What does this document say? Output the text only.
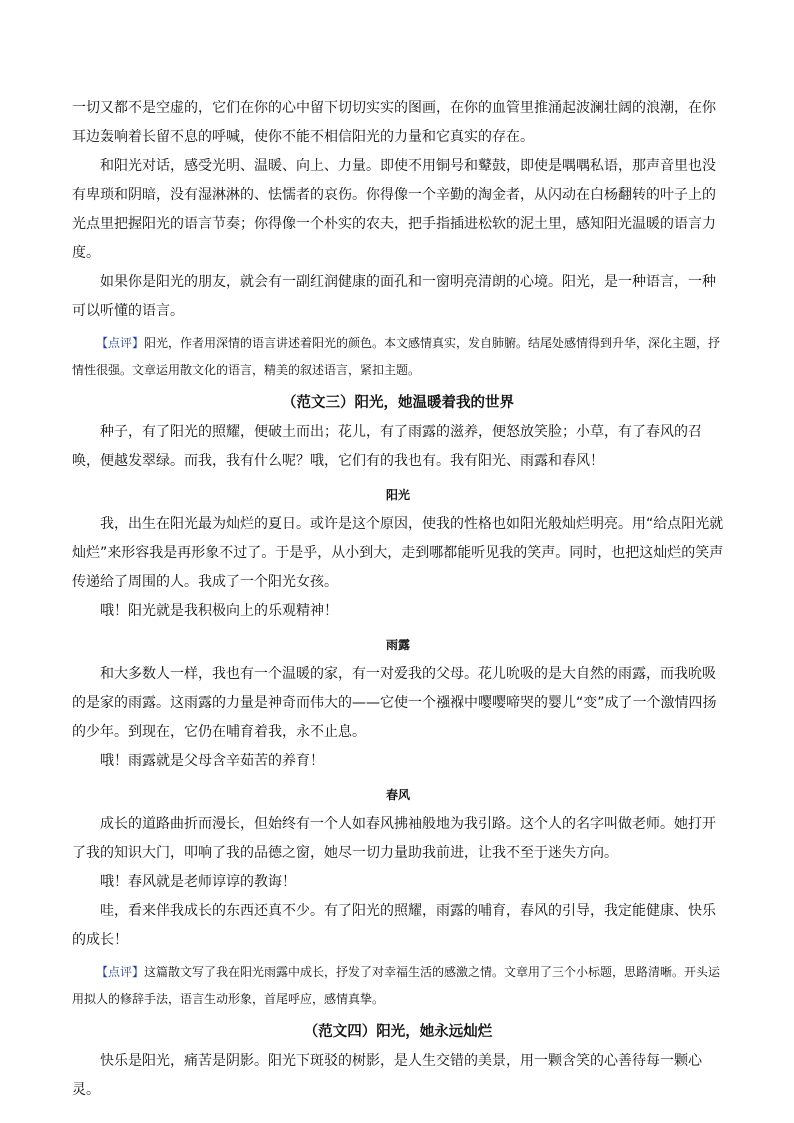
一切又都不是空虚的，它们在你的心中留下切切实实的图画，在你的血管里推涌起波澜壮阔的浪潮，在你耳边轰响着长留不息的呼喊，使你不能不相信阳光的力量和它真实的存在。

和阳光对话，感受光明、温暖、向上、力量。即使不用铜号和鼙鼓，即使是喁喁私语，那声音里也没有卑琐和阴暗，没有湿淋淋的、怯懦者的哀伤。你得像一个辛勤的淘金者，从闪动在白杨翻转的叶子上的光点里把握阳光的语言节奏；你得像一个朴实的农夫，把手指插进松软的泥土里，感知阳光温暖的语言力度。

如果你是阳光的朋友，就会有一副红润健康的面孔和一窗明亮清朗的心境。阳光，是一种语言，一种可以听懂的语言。

【点评】阳光，作者用深情的语言讲述着阳光的颜色。本文感情真实，发自肺腑。结尾处感情得到升华，深化主题，抒情性很强。文章运用散文化的语言，精美的叙述语言，紧扣主题。

（范文三）阳光，她温暖着我的世界

种子，有了阳光的照耀，便破土而出；花儿，有了雨露的滋养，便怒放笑脸；小草，有了春风的召唤，便越发翠绿。而我，我有什么呢？哦，它们有的我也有。我有阳光、雨露和春风！

阳光

我，出生在阳光最为灿烂的夏日。或许是这个原因，使我的性格也如阳光般灿烂明亮。用“给点阳光就灿烂”来形容我是再形象不过了。于是乎，从小到大，走到哪都能听见我的笑声。同时，也把这灿烂的笑声传递给了周围的人。我成了一个阳光女孩。

哦！阳光就是我积极向上的乐观精神！

雨露

和大多数人一样，我也有一个温暖的家，有一对爱我的父母。花儿吮吸的是大自然的雨露，而我吮吸的是家的雨露。这雨露的力量是神奇而伟大的——它使一个襁褓中嘤嘤啼哭的婴儿“变”成了一个激情四扬的少年。到现在，它仍在哺育着我，永不止息。

哦！雨露就是父母含辛茹苦的养育！

春风

成长的道路曲折而漫长，但始终有一个人如春风拂袖般地为我引路。这个人的名字叫做老师。她打开了我的知识大门，叩响了我的品德之窗，她尽一切力量助我前进，让我不至于迷失方向。

哦！春风就是老师谆谆的教诲！

哇，看来伴我成长的东西还真不少。有了阳光的照耀，雨露的哺育，春风的引导，我定能健康、快乐的成长！

【点评】这篇散文写了我在阳光雨露中成长，抒发了对幸福生活的感激之情。文章用了三个小标题，思路清晰。开头运用拟人的修辞手法，语言生动形象，首尾呼应，感情真挚。

（范文四）阳光，她永远灿烂

快乐是阳光，痛苦是阴影。阳光下斑驳的树影，是人生交错的美景，用一颗含笑的心善待每一颗心灵。
